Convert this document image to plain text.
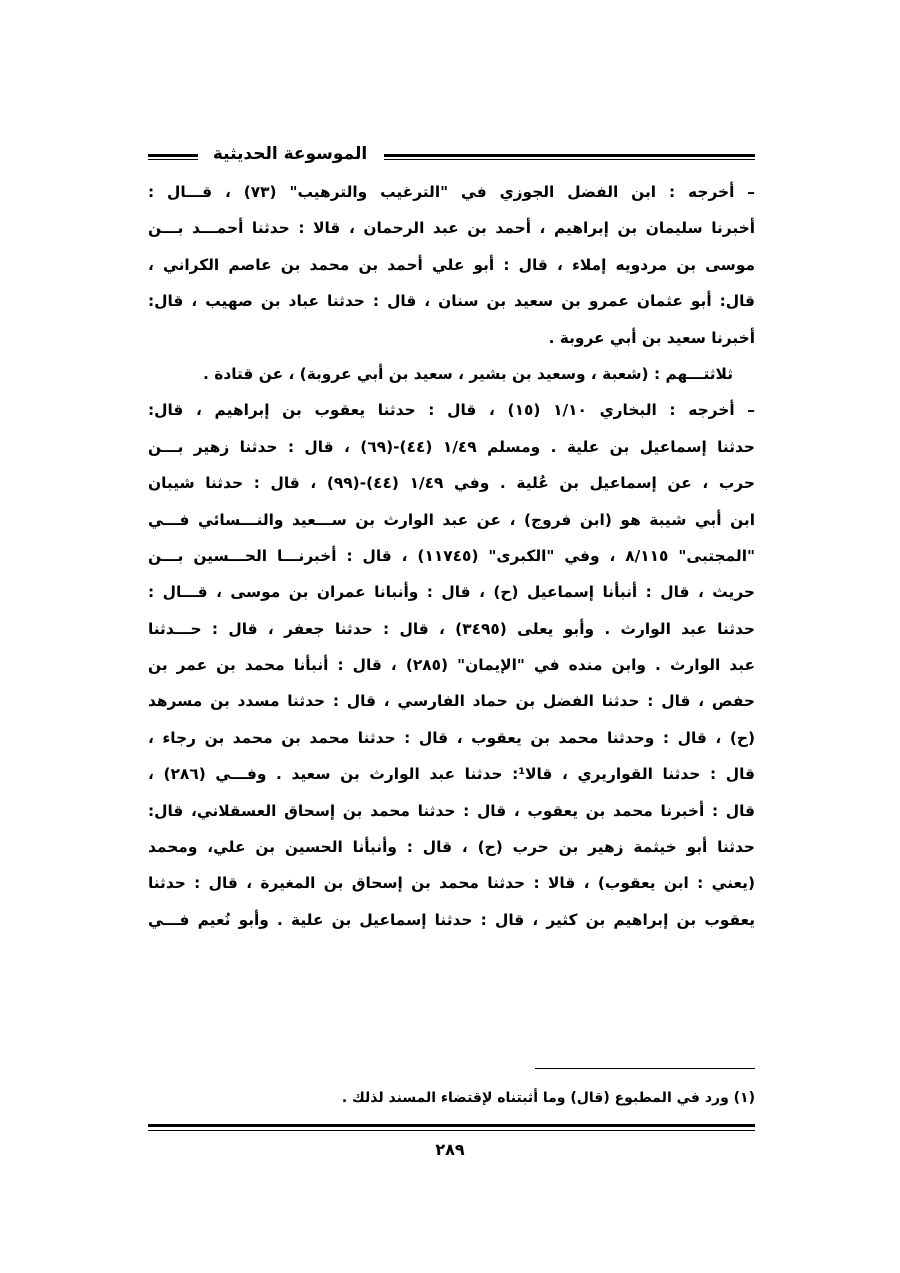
الموسوعة الحديثية
– أخرجه : ابن الفضل الجوزي في "الترغيب والترهيب" (٧٣) ، قـــال :
أخبرنا سليمان بن إبراهيم ، أحمد بن عبد الرحمان ، قالا : حدثنا أحمـــد بـــن
موسى بن مردويه إملاء ، قال : أبو علي أحمد بن محمد بن عاصم الكراني ،
قال: أبو عثمان عمرو بن سعيد بن سنان ، قال : حدثنا عباد بن صهيب ، قال:
أخبرنا سعيد بن أبي عروبة .
ثلاثتـــهم : (شعبة ، وسعيد بن بشير ، سعيد بن أبي عروبة) ، عن قتادة .
– أخرجه : البخاري ١/١٠ (١٥) ، قال : حدثنا يعقوب بن إبراهيم ، قال:
حدثنا إسماعيل بن علية . ومسلم ١/٤٩ (٤٤)-(٦٩) ، قال : حدثنا زهير بـــن
حرب ، عن إسماعيل بن عُلية . وفي ١/٤٩ (٤٤)-(٩٩) ، قال : حدثنا شيبان
ابن أبي شيبة هو (ابن فروج) ، عن عبد الوارث بن ســـعيد والنـــسائي فـــي
"المجتبى" ٨/١١٥ ، وفي "الكبرى" (١١٧٤٥) ، قال : أخبرنـــا الحـــسين بـــن
حريث ، قال : أنبأنا إسماعيل (ح) ، قال : وأنبانا عمران بن موسى ، قـــال :
حدثنا عبد الوارث . وأبو يعلى (٣٤٩٥) ، قال : حدثنا جعفر ، قال : حـــدثنا
عبد الوارث . وابن منده في "الإيمان" (٢٨٥) ، قال : أنبأنا محمد بن عمر بن
حفص ، قال : حدثنا الفضل بن حماد الفارسي ، قال : حدثنا مسدد بن مسرهد
(ح) ، قال : وحدثنا محمد بن يعقوب ، قال : حدثنا محمد بن محمد بن رجاء ،
قال : حدثنا القواريري ، قالا¹: حدثنا عبد الوارث بن سعيد . وفـــي (٢٨٦) ،
قال : أخبرنا محمد بن يعقوب ، قال : حدثنا محمد بن إسحاق العسقلاني، قال:
حدثنا أبو خيثمة زهير بن حرب (ح) ، قال : وأنبأنا الحسين بن علي، ومحمد
(يعني : ابن يعقوب) ، قالا : حدثنا محمد بن إسحاق بن المغيرة ، قال : حدثنا
يعقوب بن إبراهيم بن كثير ، قال : حدثنا إسماعيل بن علية . وأبو نُعيم فـــي
(١) ورد في المطبوع (قال) وما أثبتناه لإقتضاء المسند لذلك .
٢٨٩
